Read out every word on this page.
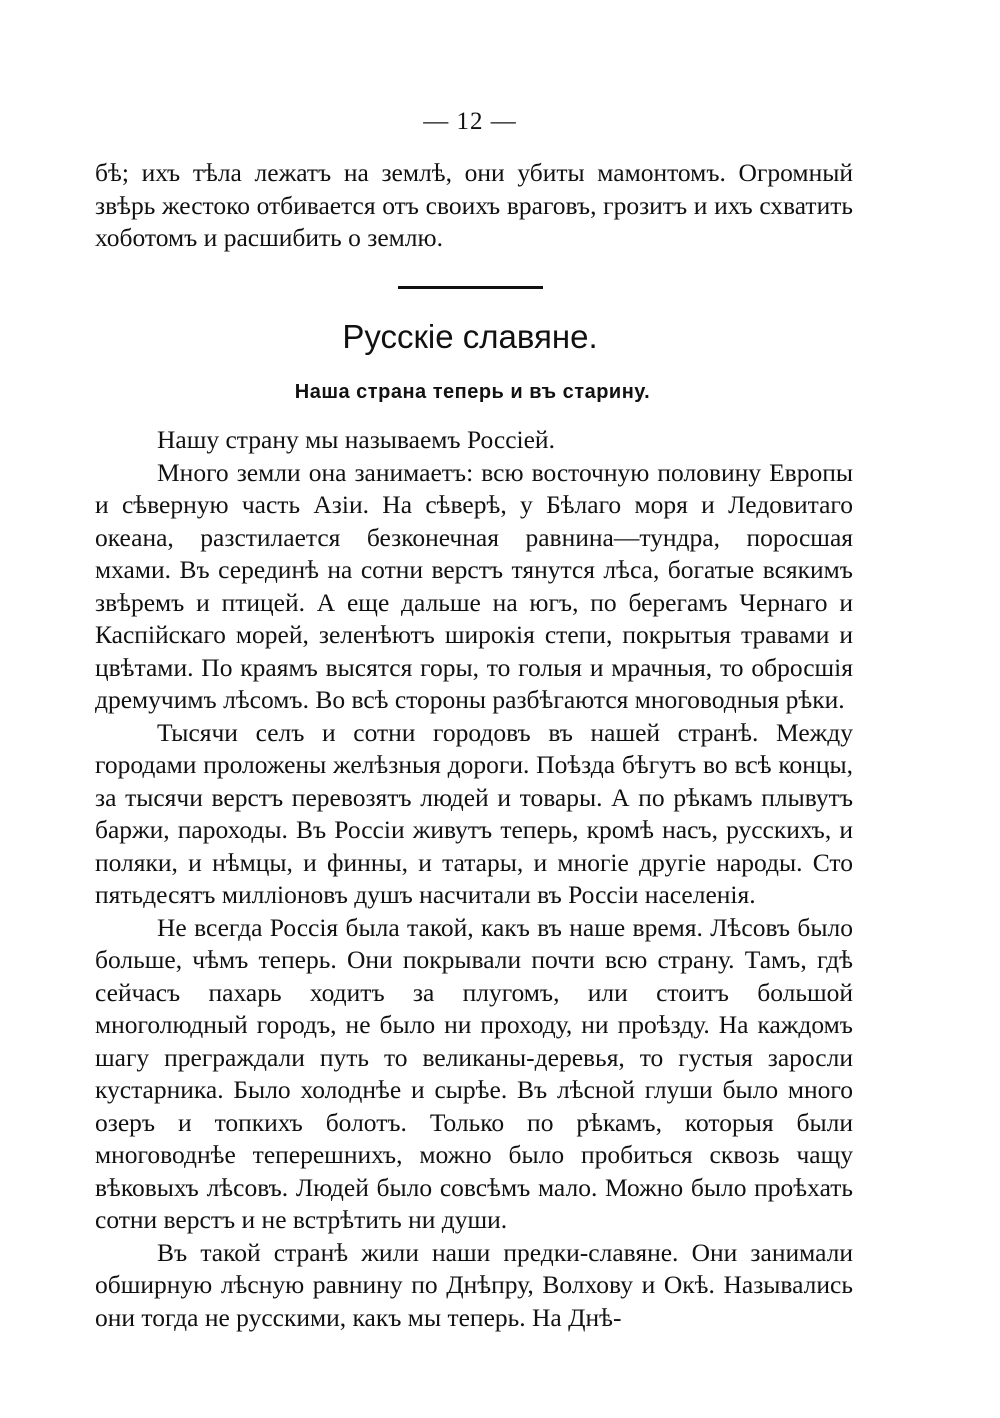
— 12 —

бѣ; ихъ тѣла лежатъ на землѣ, они убиты мамонтомъ. Огромный звѣрь жестоко отбивается отъ своихъ враговъ, грозитъ и ихъ схватить хоботомъ и расшибить о землю.

Русскiе славяне.
Наша страна теперь и въ старину.

Нашу страну мы называемъ Россiей.

Много земли она занимаетъ: всю восточную половину Европы и сѣверную часть Азiи. На сѣверѣ, у Бѣлаго моря и Ледовитаго океана, разстилается безконечная равнина—тундра, поросшая мхами. Въ серединѣ на сотни верстъ тянутся лѣса, богатые всякимъ звѣремъ и птицей. А еще дальше на югъ, по берегамъ Чернаго и Каспiйскаго морей, зеленѣютъ широкiя степи, покрытыя травами и цвѣтами. По краямъ высятся горы, то голыя и мрачныя, то обросшiя дремучимъ лѣсомъ. Во всѣ стороны разбѣгаются многоводныя рѣки.

Тысячи селъ и сотни городовъ въ нашей странѣ. Между городами проложены желѣзныя дороги. Поѣзда бѣгутъ во всѣ концы, за тысячи верстъ перевозятъ людей и товары. А по рѣкамъ плывутъ баржи, пароходы. Въ Россiи живутъ теперь, кромѣ насъ, русскихъ, и поляки, и нѣмцы, и финны, и татары, и многiе другiе народы. Сто пятьдесятъ миллiоновъ душъ насчитали въ Россiи населенiя.

Не всегда Россiя была такой, какъ въ наше время. Лѣсовъ было больше, чѣмъ теперь. Они покрывали почти всю страну. Тамъ, гдѣ сейчасъ пахарь ходитъ за плугомъ, или стоитъ большой многолюдный городъ, не было ни проходу, ни проѣзду. На каждомъ шагу преграждали путь то великаны-деревья, то густыя заросли кустарника. Было холоднѣе и сырѣе. Въ лѣсной глуши было много озеръ и топкихъ болотъ. Только по рѣкамъ, которыя были многоводнѣе теперешнихъ, можно было пробиться сквозь чащу вѣковыхъ лѣсовъ. Людей было совсѣмъ мало. Можно было проѣхать сотни верстъ и не встрѣтить ни души.

Въ такой странѣ жили наши предки-славяне. Они занимали обширную лѣсную равнину по Днѣпру, Волхову и Окѣ. Назывались они тогда не русскими, какъ мы теперь. На Днѣ-
